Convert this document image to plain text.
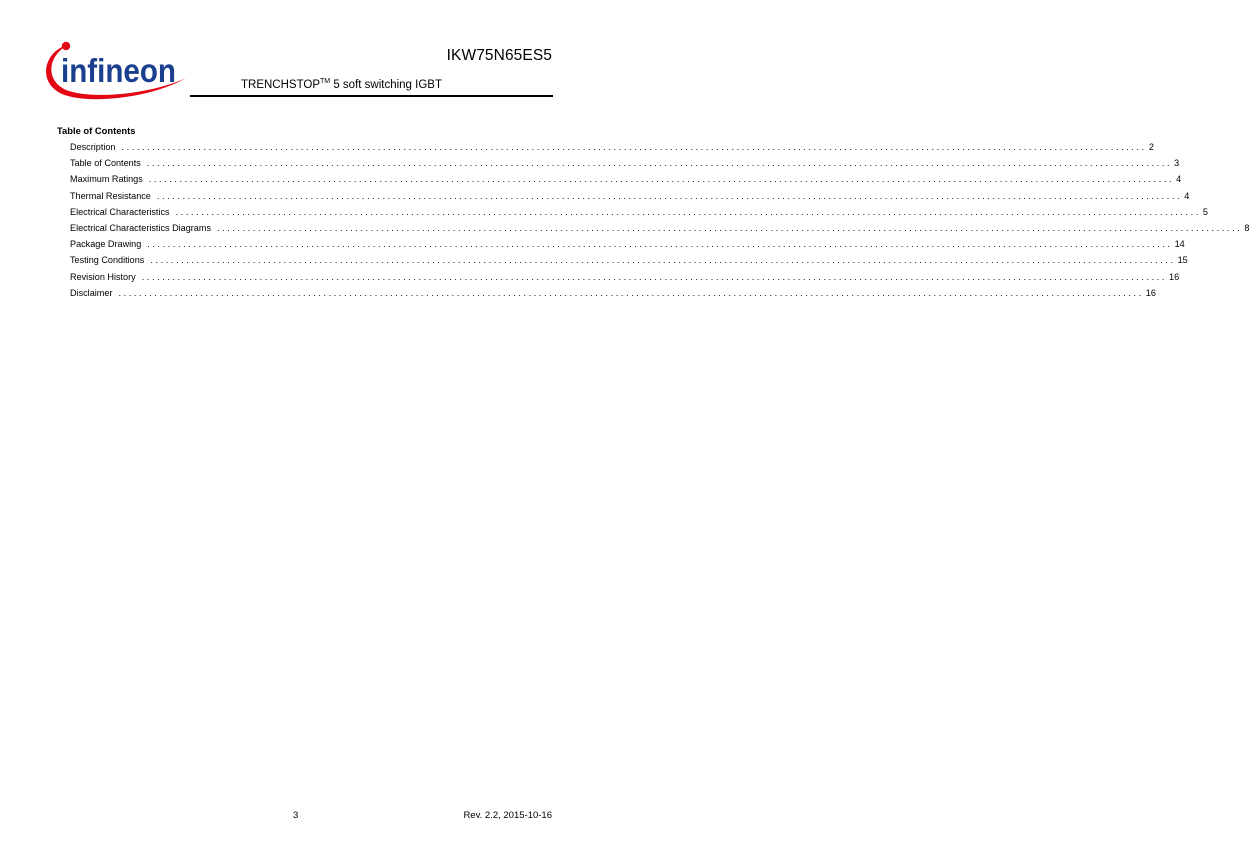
infineon	IKW75N65ES5
TRENCHSTOP™ 5 soft switching IGBT
Table of Contents
Description ........................................................................................................................................................................................................ 2
Table of Contents ........................................................................................................................................................................................................ 3
Maximum Ratings ........................................................................................................................................................................................................ 4
Thermal Resistance ........................................................................................................................................................................................................ 4
Electrical Characteristics ........................................................................................................................................................................................................ 5
Electrical Characteristics Diagrams ........................................................................................................................................................................................................ 8
Package Drawing ........................................................................................................................................................................................................ 14
Testing Conditions ........................................................................................................................................................................................................ 15
Revision History ........................................................................................................................................................................................................ 16
Disclaimer ........................................................................................................................................................................................................ 16
3	Rev. 2.2, 2015-10-16
